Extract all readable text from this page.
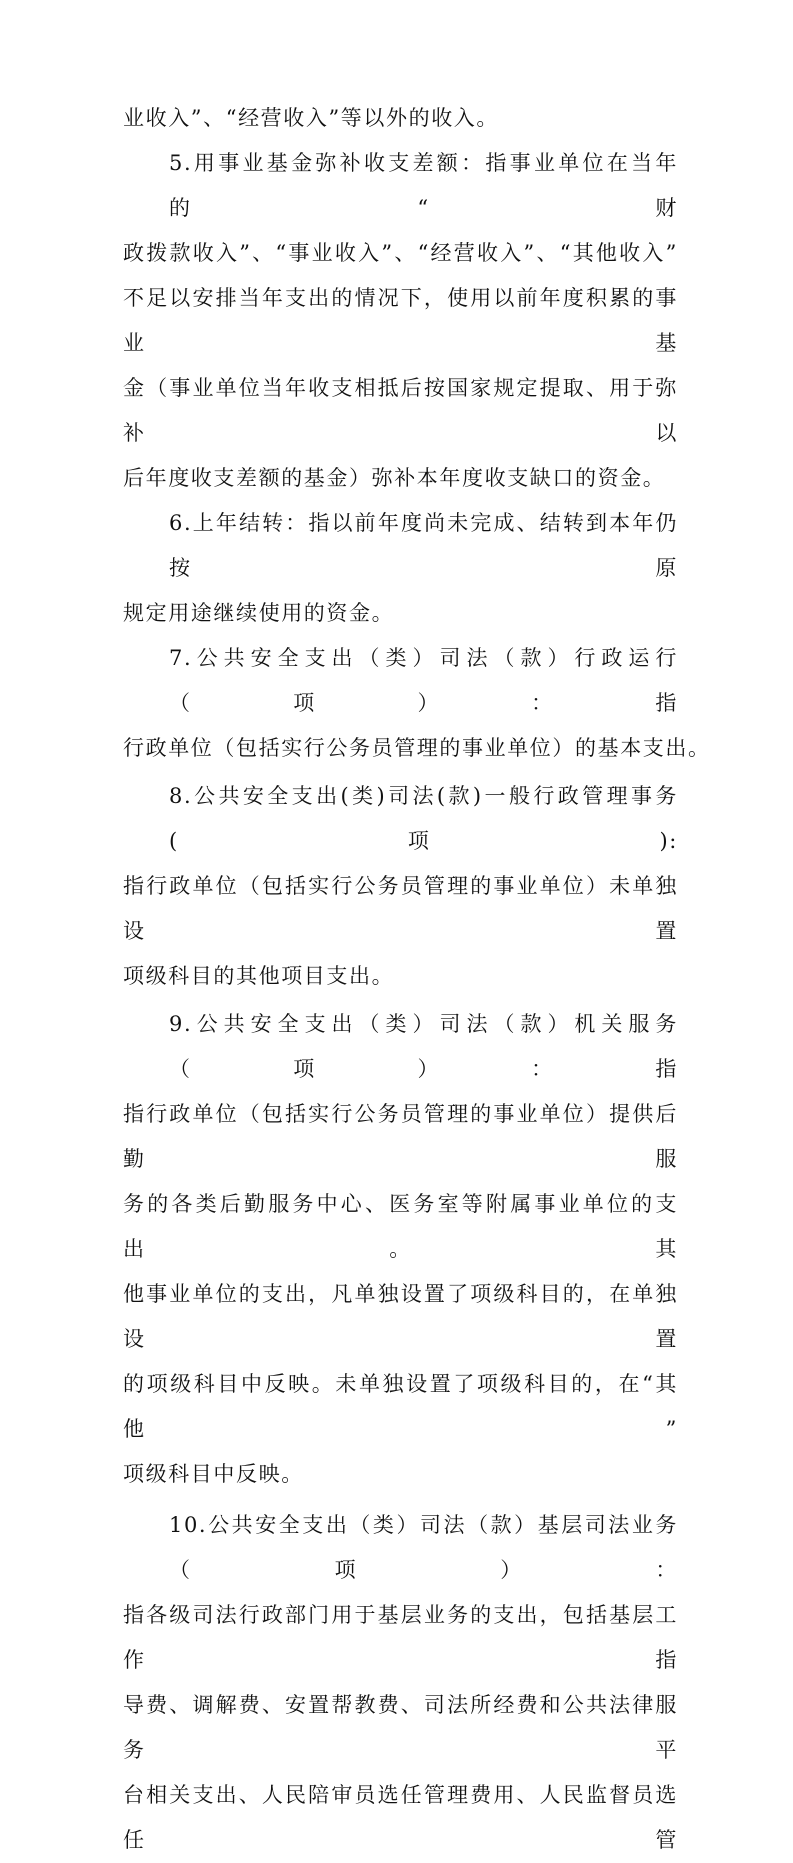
业收入”、“经营收入”等以外的收入。

5.用事业基金弥补收支差额：指事业单位在当年的“财
政拨款收入”、“事业收入”、“经营收入”、“其他收入”
不足以安排当年支出的情况下，使用以前年度积累的事业基
金（事业单位当年收支相抵后按国家规定提取、用于弥补以
后年度收支差额的基金）弥补本年度收支缺口的资金。

6.上年结转：指以前年度尚未完成、结转到本年仍按原
规定用途继续使用的资金。

7.公共安全支出（类）司法（款）行政运行（项）：指
行政单位（包括实行公务员管理的事业单位）的基本支出。

8.公共安全支出(类)司法(款)一般行政管理事务(项):
指行政单位（包括实行公务员管理的事业单位）未单独设置
项级科目的其他项目支出。

9.公共安全支出（类）司法（款）机关服务（项）：指
指行政单位（包括实行公务员管理的事业单位）提供后勤服
务的各类后勤服务中心、医务室等附属事业单位的支出。其
他事业单位的支出，凡单独设置了项级科目的，在单独设置
的项级科目中反映。未单独设置了项级科目的，在“其他”
项级科目中反映。

10.公共安全支出（类）司法（款）基层司法业务（项）：
指各级司法行政部门用于基层业务的支出，包括基层工作指
导费、调解费、安置帮教费、司法所经费和公共法律服务平
台相关支出、人民陪审员选任管理费用、人民监督员选任管
